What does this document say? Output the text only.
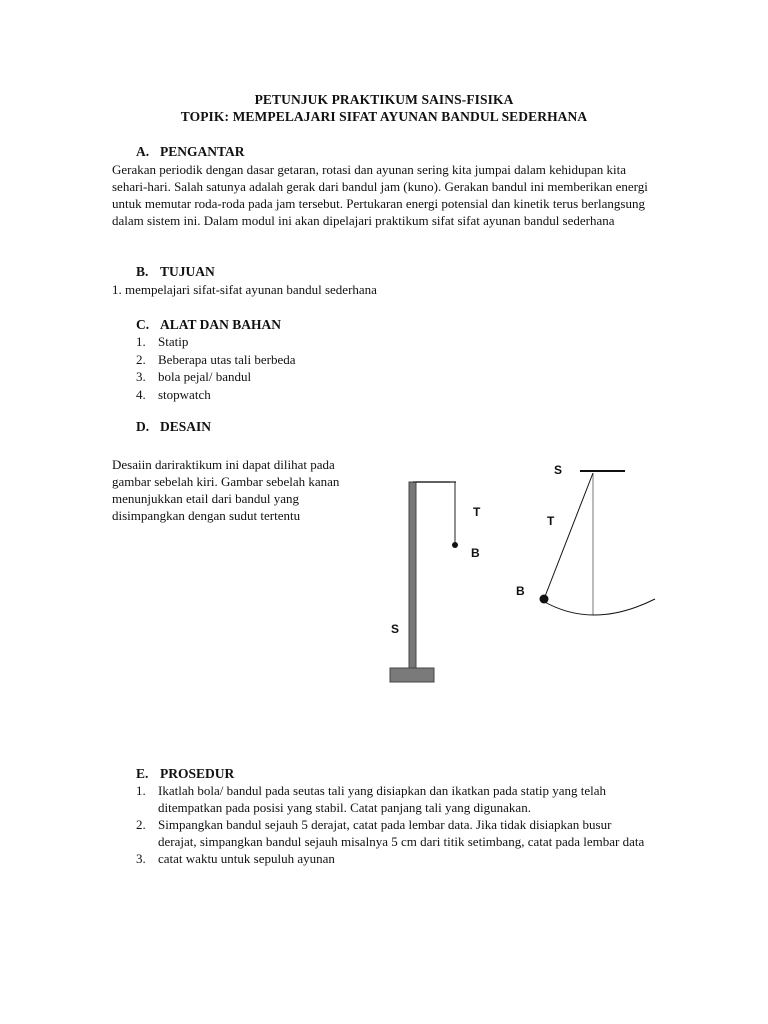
PETUNJUK PRAKTIKUM SAINS-FISIKA
TOPIK: MEMPELAJARI SIFAT AYUNAN BANDUL SEDERHANA
A. PENGANTAR

Gerakan periodik dengan dasar getaran, rotasi dan ayunan sering kita jumpai dalam kehidupan kita sehari-hari. Salah satunya adalah gerak dari bandul jam (kuno). Gerakan bandul ini memberikan energi untuk memutar roda-roda pada jam tersebut. Pertukaran energi potensial dan kinetik terus berlangsung dalam sistem ini. Dalam modul ini akan dipelajari praktikum sifat sifat ayunan bandul sederhana

B. TUJUAN

1. mempelajari sifat-sifat ayunan bandul sederhana

C. ALAT DAN BAHAN
1. Statip
2. Beberapa utas tali berbeda
3. bola pejal/ bandul
4. stopwatch
D. DESAIN

Desaiin dariraktikum ini dapat dilihat pada gambar sebelah kiri. Gambar sebelah kanan menunjukkan etail dari bandul yang disimpangkan dengan sudut tertentu	T
B
S
S
T
B
E. PROSEDUR
1. Ikatlah bola/ bandul pada seutas tali yang disiapkan dan ikatkan pada statip yang telah ditempatkan pada posisi yang stabil. Catat panjang tali yang digunakan.
2. Simpangkan bandul sejauh 5 derajat, catat pada lembar data. Jika tidak disiapkan busur derajat, simpangkan bandul sejauh misalnya 5 cm dari titik setimbang, catat pada lembar data
3. catat waktu untuk sepuluh ayunan
